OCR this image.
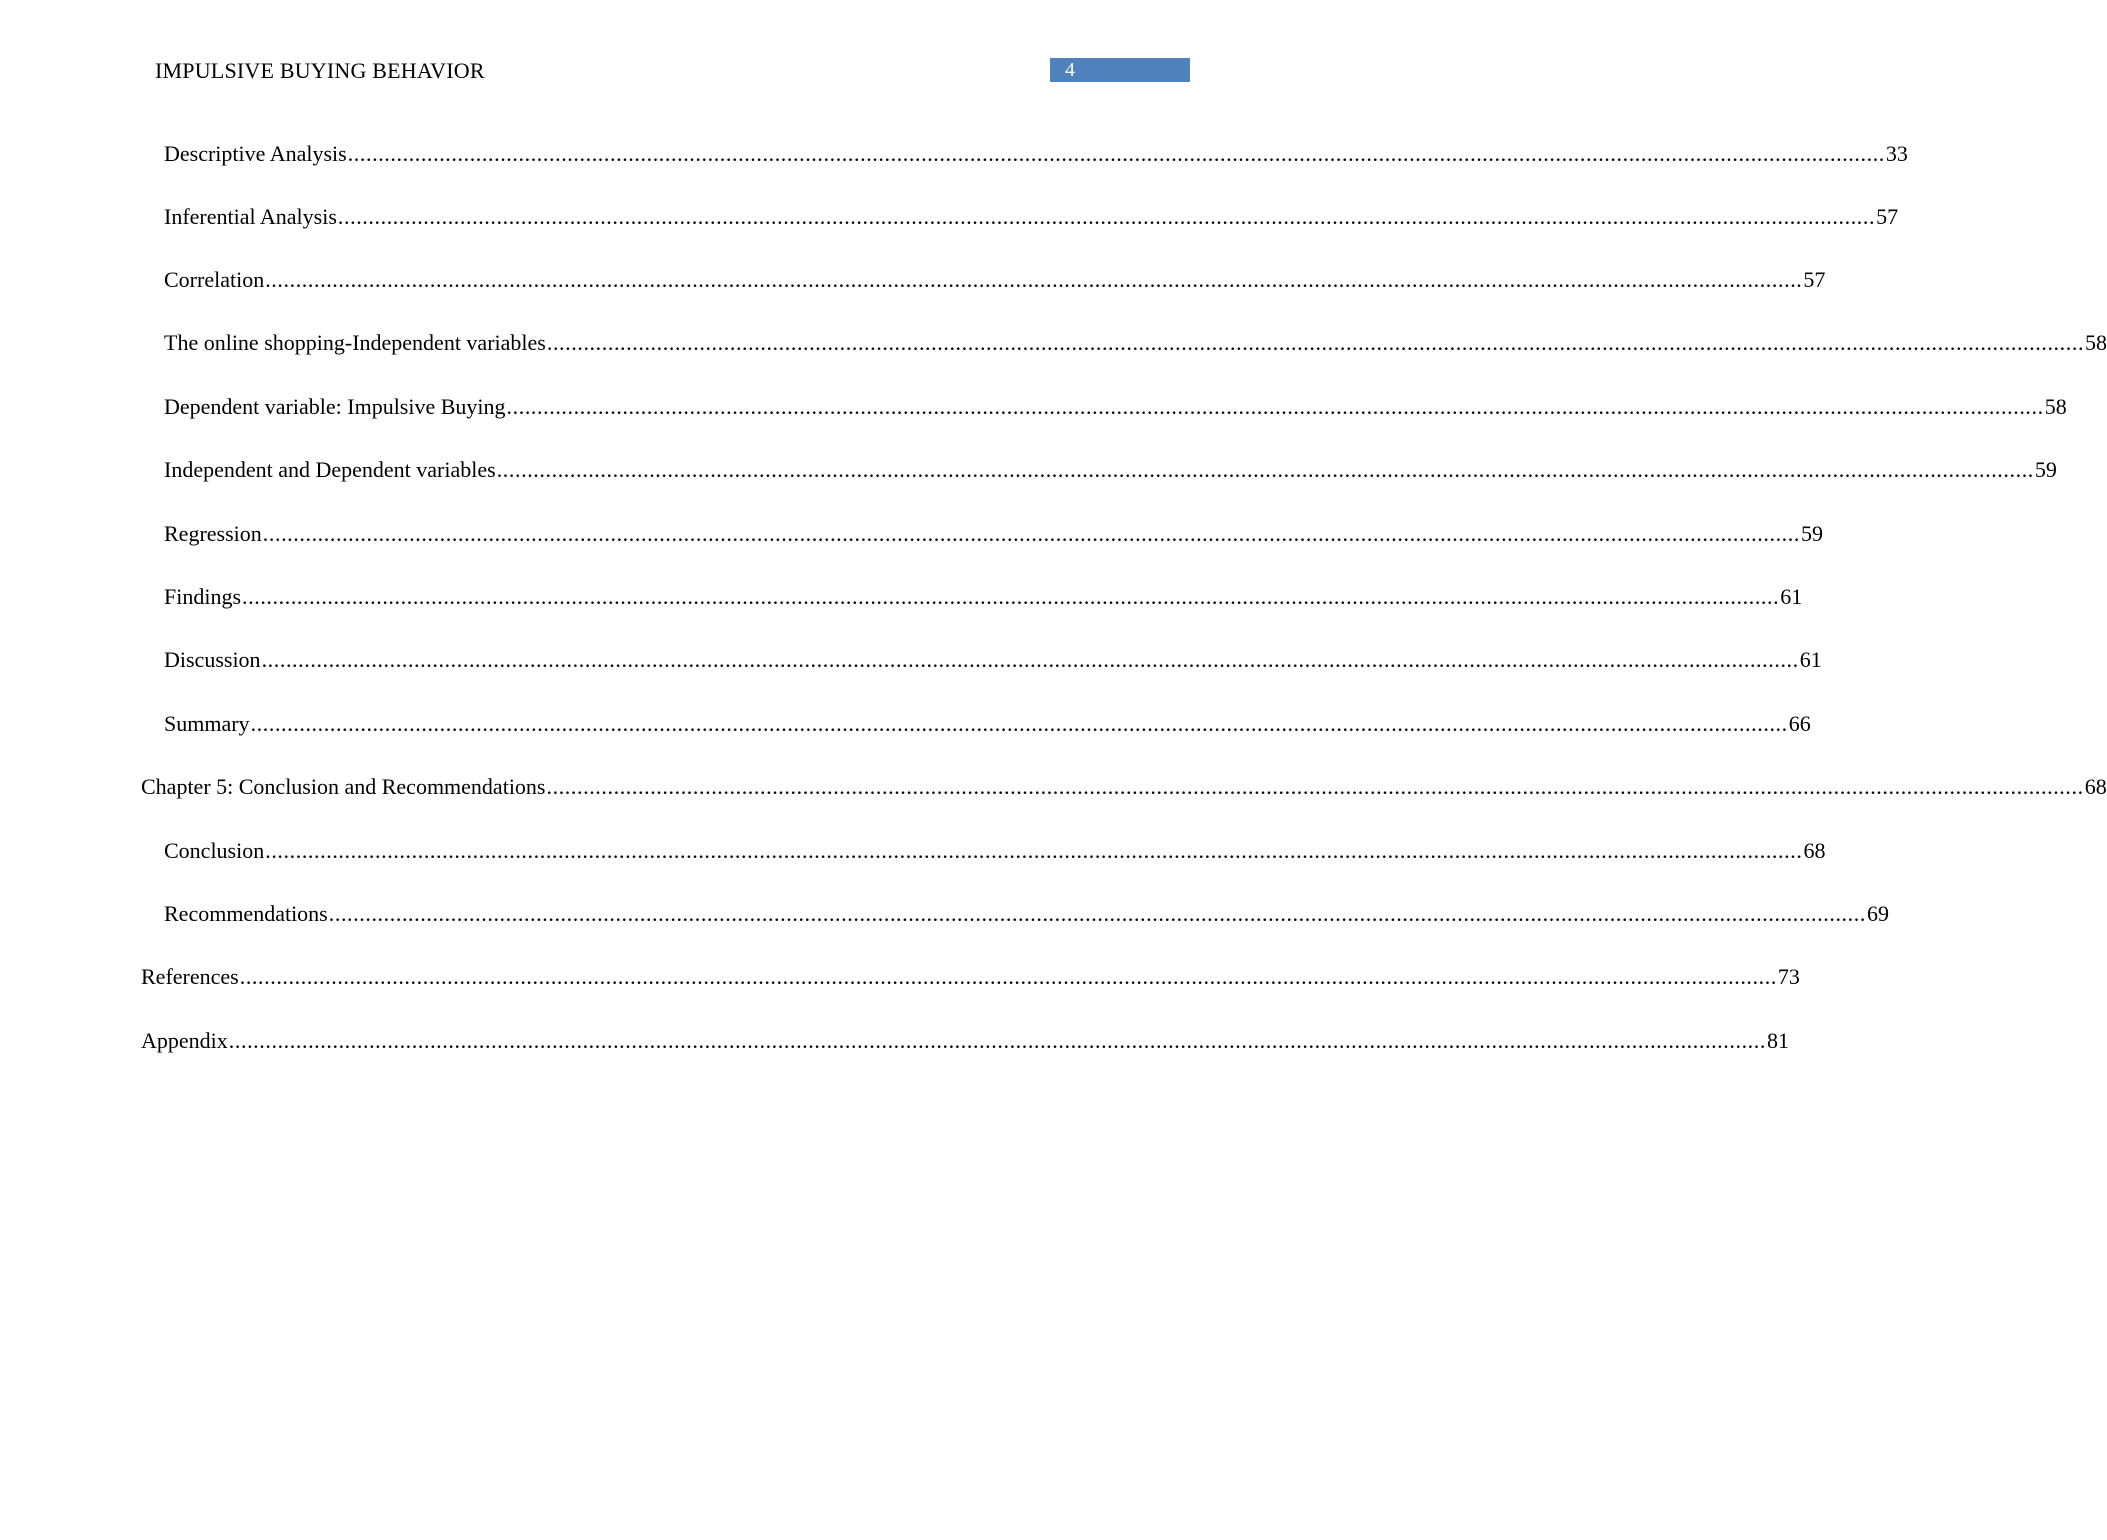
IMPULSIVE BUYING BEHAVIOR	4
Descriptive Analysis ............................................................................................................................................................................................................................................................ 33
Inferential Analysis ............................................................................................................................................................................................................................................................ 57
Correlation ............................................................................................................................................................................................................................................................ 57
The online shopping-Independent variables ............................................................................................................................................................................................................................................................ 58
Dependent variable: Impulsive Buying ............................................................................................................................................................................................................................................................ 58
Independent and Dependent variables ............................................................................................................................................................................................................................................................ 59
Regression ............................................................................................................................................................................................................................................................ 59
Findings ............................................................................................................................................................................................................................................................ 61
Discussion ............................................................................................................................................................................................................................................................ 61
Summary ............................................................................................................................................................................................................................................................ 66
Chapter 5: Conclusion and Recommendations ............................................................................................................................................................................................................................................................ 68
Conclusion ............................................................................................................................................................................................................................................................ 68
Recommendations ............................................................................................................................................................................................................................................................ 69
References ............................................................................................................................................................................................................................................................ 73
Appendix ............................................................................................................................................................................................................................................................ 81
